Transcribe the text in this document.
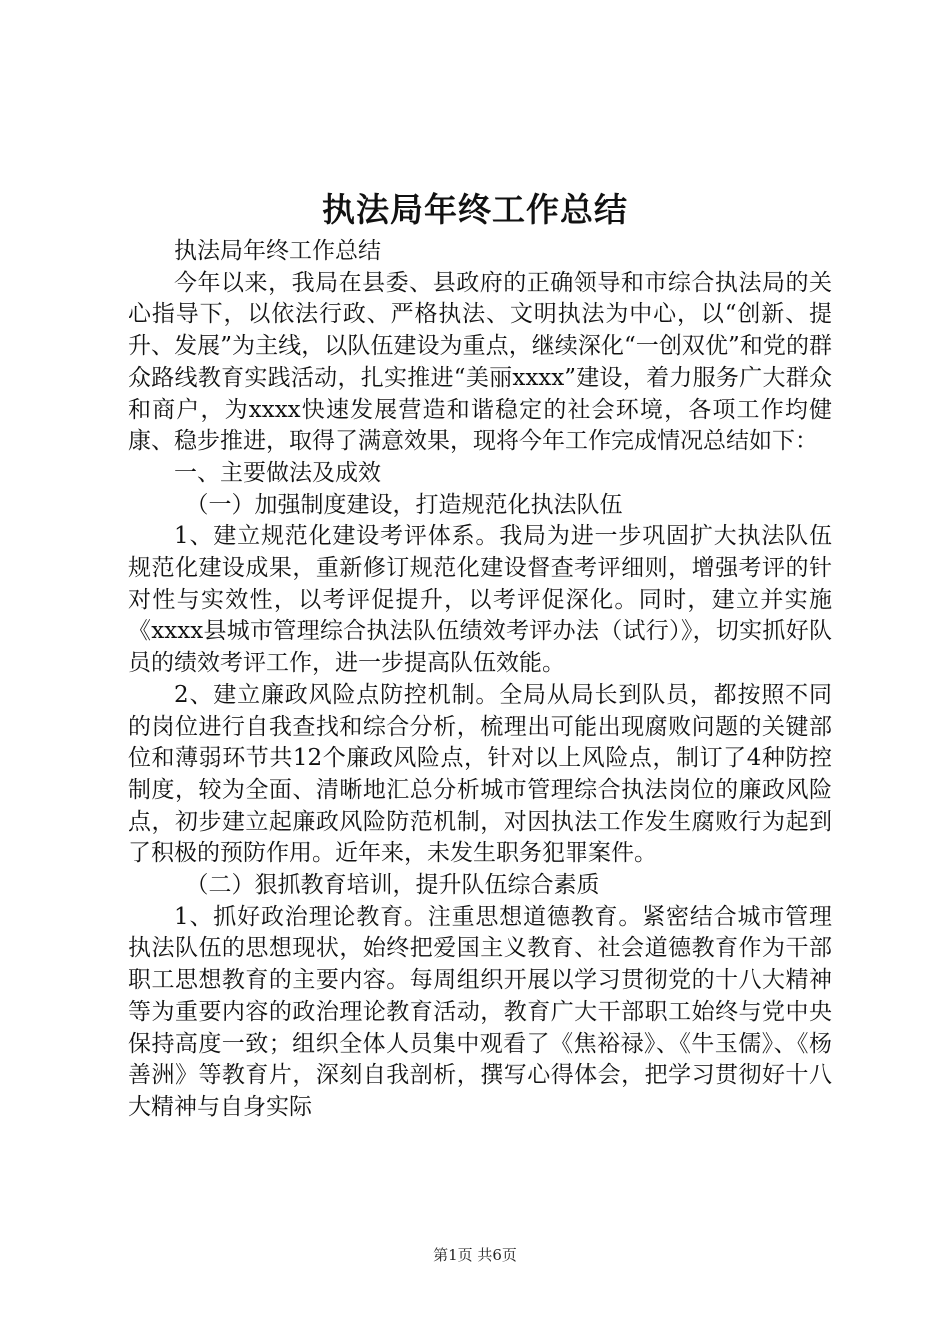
执法局年终工作总结

执法局年终工作总结

今年以来，我局在县委、县政府的正确领导和市综合执法局的关心指导下，以依法行政、严格执法、文明执法为中心，以“创新、提升、发展”为主线，以队伍建设为重点，继续深化“一创双优”和党的群众路线教育实践活动，扎实推进“美丽xxxx”建设，着力服务广大群众和商户，为xxxx快速发展营造和谐稳定的社会环境，各项工作均健康、稳步推进，取得了满意效果，现将今年工作完成情况总结如下：

一、主要做法及成效

（一）加强制度建设，打造规范化执法队伍

1、建立规范化建设考评体系。我局为进一步巩固扩大执法队伍规范化建设成果，重新修订规范化建设督查考评细则，增强考评的针对性与实效性，以考评促提升，以考评促深化。同时，建立并实施《xxxx县城市管理综合执法队伍绩效考评办法（试行）》，切实抓好队员的绩效考评工作，进一步提高队伍效能。

2、建立廉政风险点防控机制。全局从局长到队员，都按照不同的岗位进行自我查找和综合分析，梳理出可能出现腐败问题的关键部位和薄弱环节共12个廉政风险点，针对以上风险点，制订了4种防控制度，较为全面、清晰地汇总分析城市管理综合执法岗位的廉政风险点，初步建立起廉政风险防范机制，对因执法工作发生腐败行为起到了积极的预防作用。近年来，未发生职务犯罪案件。

（二）狠抓教育培训，提升队伍综合素质

1、抓好政治理论教育。注重思想道德教育。紧密结合城市管理执法队伍的思想现状，始终把爱国主义教育、社会道德教育作为干部职工思想教育的主要内容。每周组织开展以学习贯彻党的十八大精神等为重要内容的政治理论教育活动，教育广大干部职工始终与党中央保持高度一致；组织全体人员集中观看了《焦裕禄》、《牛玉儒》、《杨善洲》等教育片，深刻自我剖析，撰写心得体会，把学习贯彻好十八大精神与自身实际

第1页 共6页
